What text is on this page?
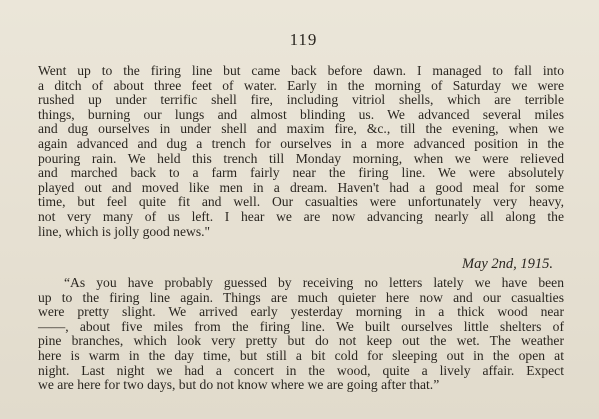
119

Went up to the firing line but came back before dawn. I managed to fall into
a ditch of about three feet of water. Early in the morning of Saturday we were
rushed up under terrific shell fire, including vitriol shells, which are terrible
things, burning our lungs and almost blinding us. We advanced several miles
and dug ourselves in under shell and maxim fire, &c., till the evening, when we
again advanced and dug a trench for ourselves in a more advanced position in the
pouring rain. We held this trench till Monday morning, when we were relieved
and marched back to a farm fairly near the firing line. We were absolutely
played out and moved like men in a dream. Haven't had a good meal for some
time, but feel quite fit and well. Our casualties were unfortunately very heavy,
not very many of us left. I hear we are now advancing nearly all along the
line, which is jolly good news."

May 2nd, 1915.

“As you have probably guessed by receiving no letters lately we have been
up to the firing line again. Things are much quieter here now and our casualties
were pretty slight. We arrived early yesterday morning in a thick wood near
——, about five miles from the firing line. We built ourselves little shelters of
pine branches, which look very pretty but do not keep out the wet. The weather
here is warm in the day time, but still a bit cold for sleeping out in the open at
night. Last night we had a concert in the wood, quite a lively affair. Expect
we are here for two days, but do not know where we are going after that.”
